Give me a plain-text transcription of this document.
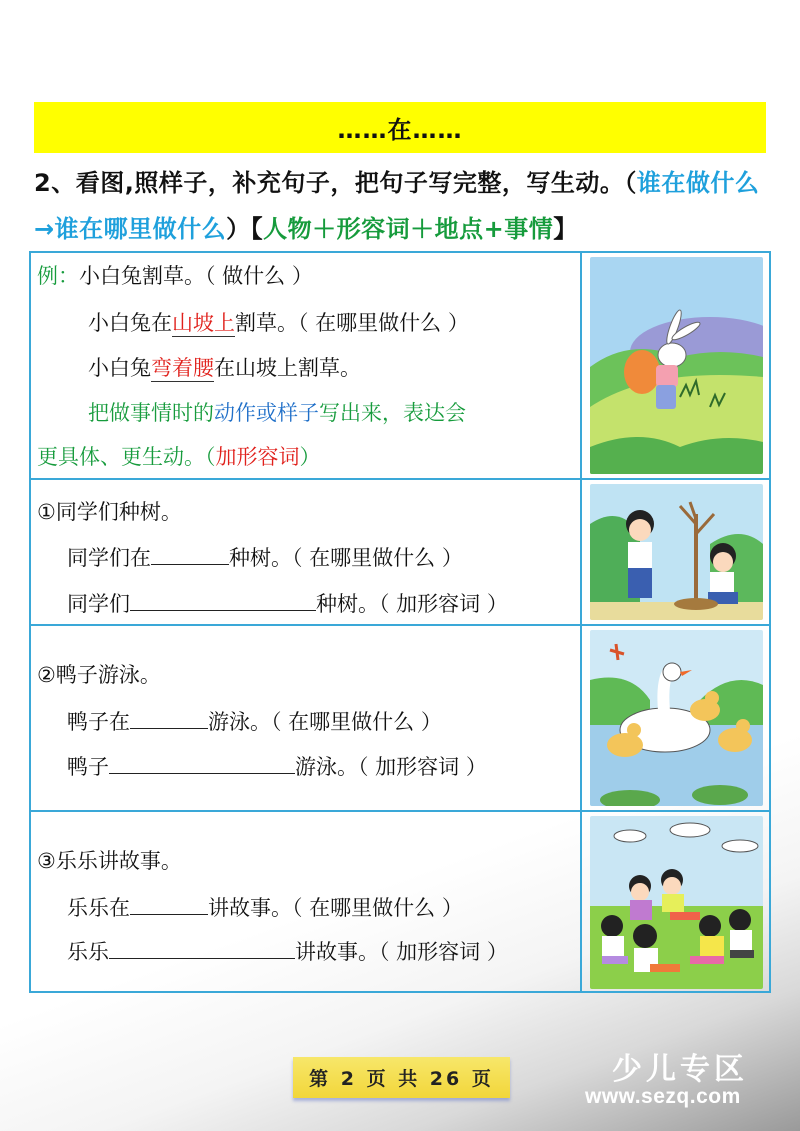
……在……
2、看图,照样子，补充句子，把句子写完整，写生动。（谁在做什么→谁在哪里做什么）【人物＋形容词＋地点+事情】
例：小白兔割草。（ 做什么 ）
小白兔在山坡上割草。（ 在哪里做什么 ）
小白兔弯着腰在山坡上割草。
把做事情时的动作或样子写出来，表达会
更具体、更生动。（加形容词）
①同学们种树。
同学们在	种树。（ 在哪里做什么 ）
同学们	种树。（ 加形容词 ）
②鸭子游泳。
鸭子在	游泳。（ 在哪里做什么 ）
鸭子	游泳。（ 加形容词 ）
③乐乐讲故事。
乐乐在	讲故事。（ 在哪里做什么 ）
乐乐	讲故事。（ 加形容词 ）
第 2 页 共 26 页	少儿专区
www.sezq.com
